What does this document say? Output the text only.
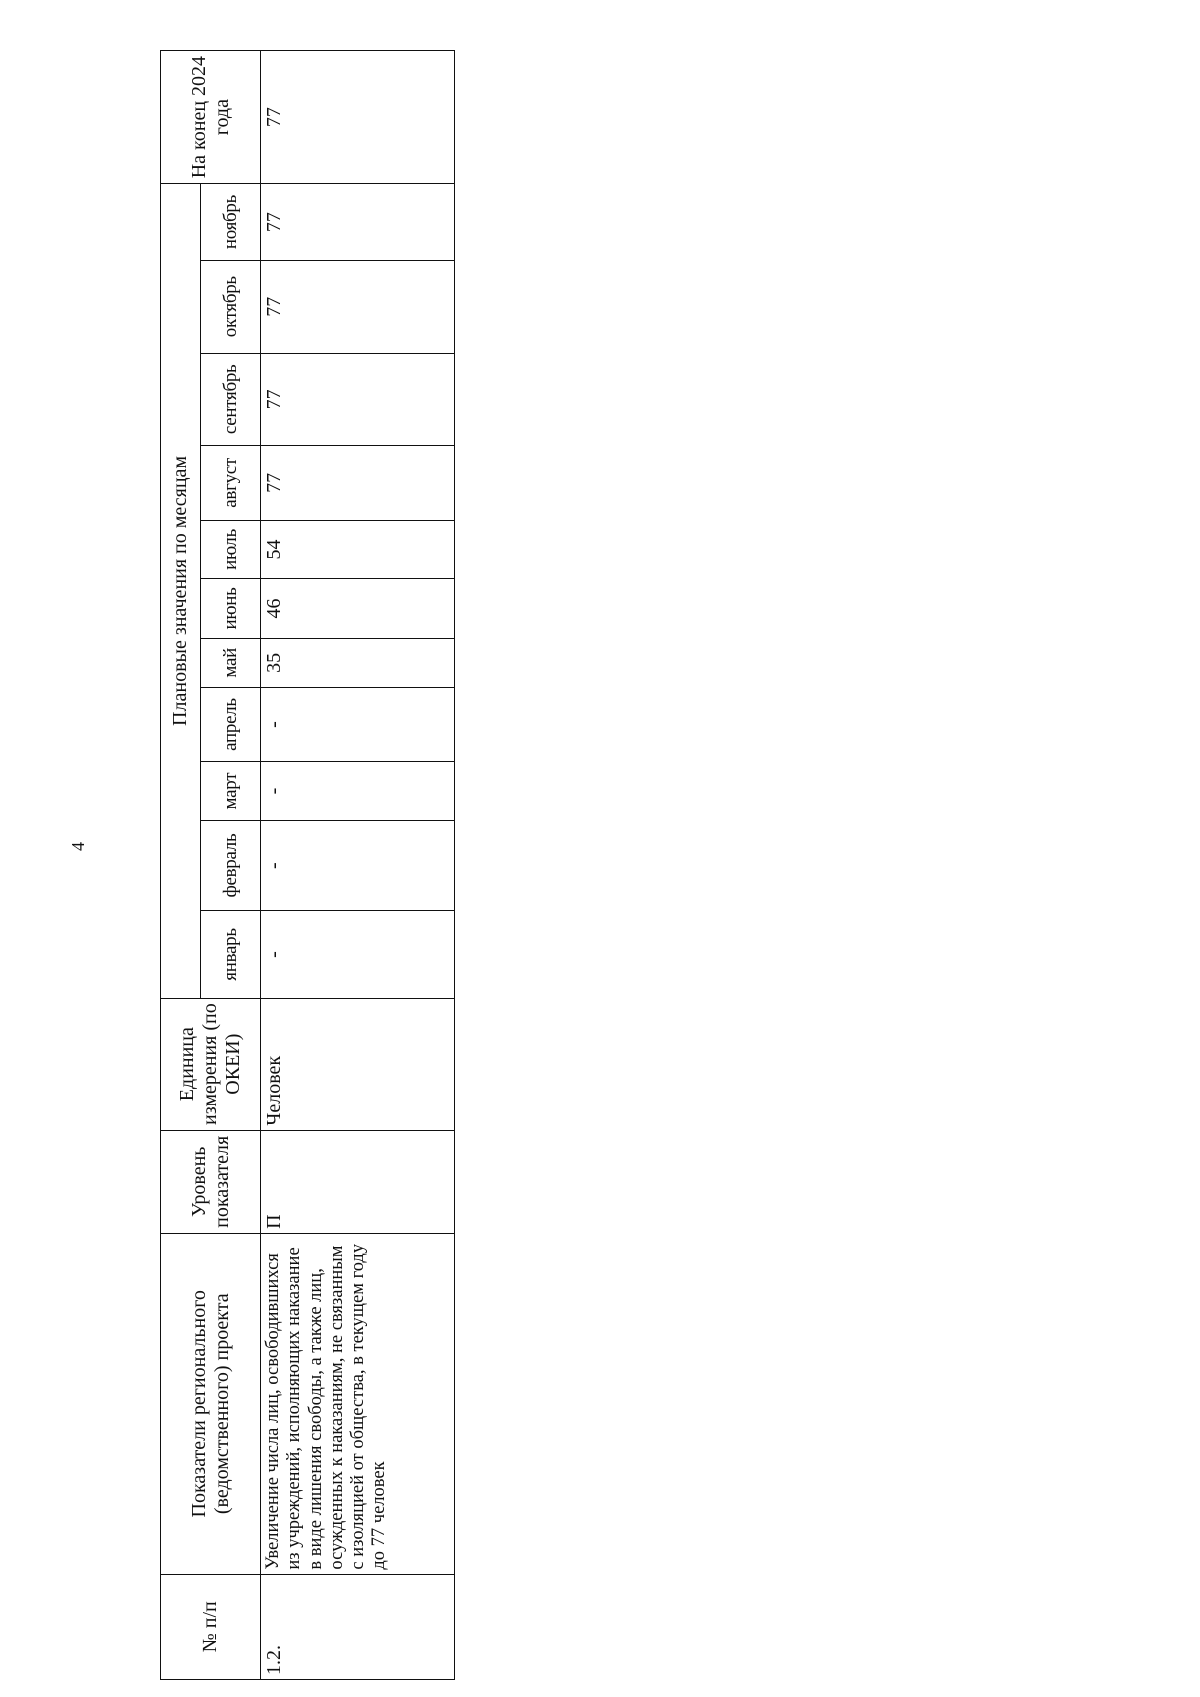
4
№ п/п	Показатели регионального (ведомственного) проекта	Уровень показателя	Единица измерения (по ОКЕИ)	Плановые значения по месяцам											На конец 2024 года
				январь	февраль	март	апрель	май	июнь	июль	август	сентябрь	октябрь	ноябрь	
1.2.	Увеличение числа лиц, освободившихся из учреждений, исполняющих наказание в виде лишения свободы, а также лиц, осужденных к наказаниям, не связанным с изоляцией от общества, в текущем году до 77 человек	П	Человек	-	-	-	-	35	46	54	77	77	77	77	77
